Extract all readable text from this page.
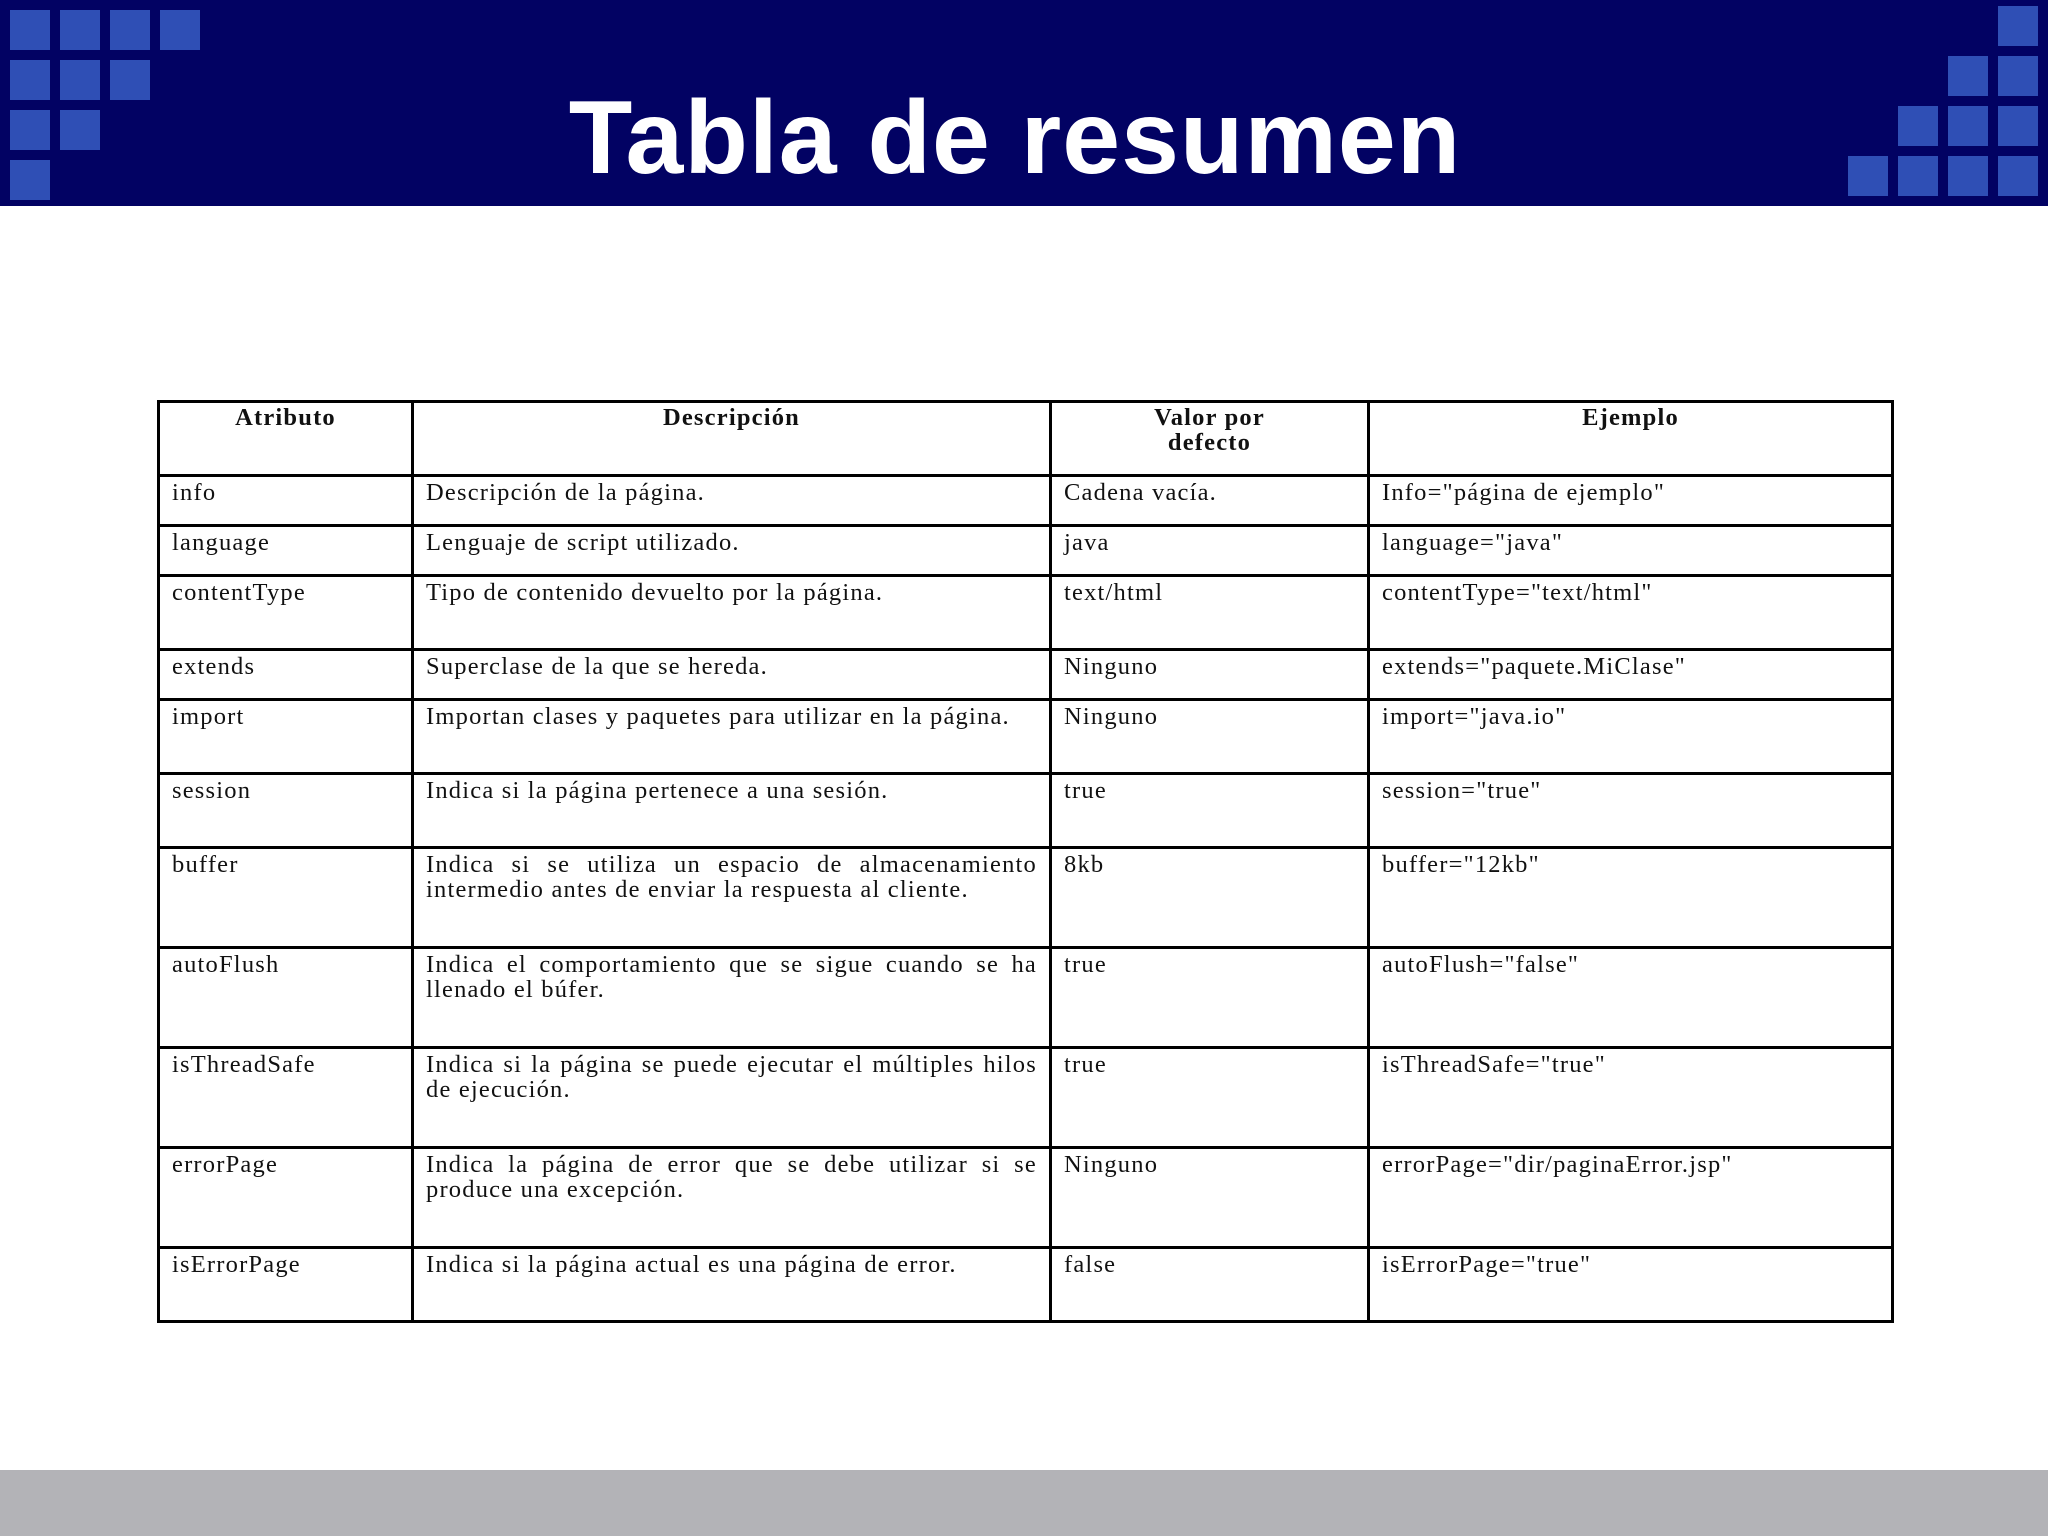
Tabla de resumen
Atributo	Descripción	Valor por defecto	Ejemplo
info	Descripción de la página.	Cadena vacía.	Info="página de ejemplo"
language	Lenguaje de script utilizado.	java	language="java"
contentType	Tipo de contenido devuelto por la página.	text/html	contentType="text/html"
extends	Superclase de la que se hereda.	Ninguno	extends="paquete.MiClase"
import	Importan clases y paquetes para utilizar en la página.	Ninguno	import="java.io"
session	Indica si la página pertenece a una sesión.	true	session="true"
buffer	Indica si se utiliza un espacio de almacenamiento intermedio antes de enviar la respuesta al cliente.	8kb	buffer="12kb"
autoFlush	Indica el comportamiento que se sigue cuando se ha llenado el búfer.	true	autoFlush="false"
isThreadSafe	Indica si la página se puede ejecutar el múltiples hilos de ejecución.	true	isThreadSafe="true"
errorPage	Indica la página de error que se debe utilizar si se produce una excepción.	Ninguno	errorPage="dir/paginaError.jsp"
isErrorPage	Indica si la página actual es una página de error.	false	isErrorPage="true"
